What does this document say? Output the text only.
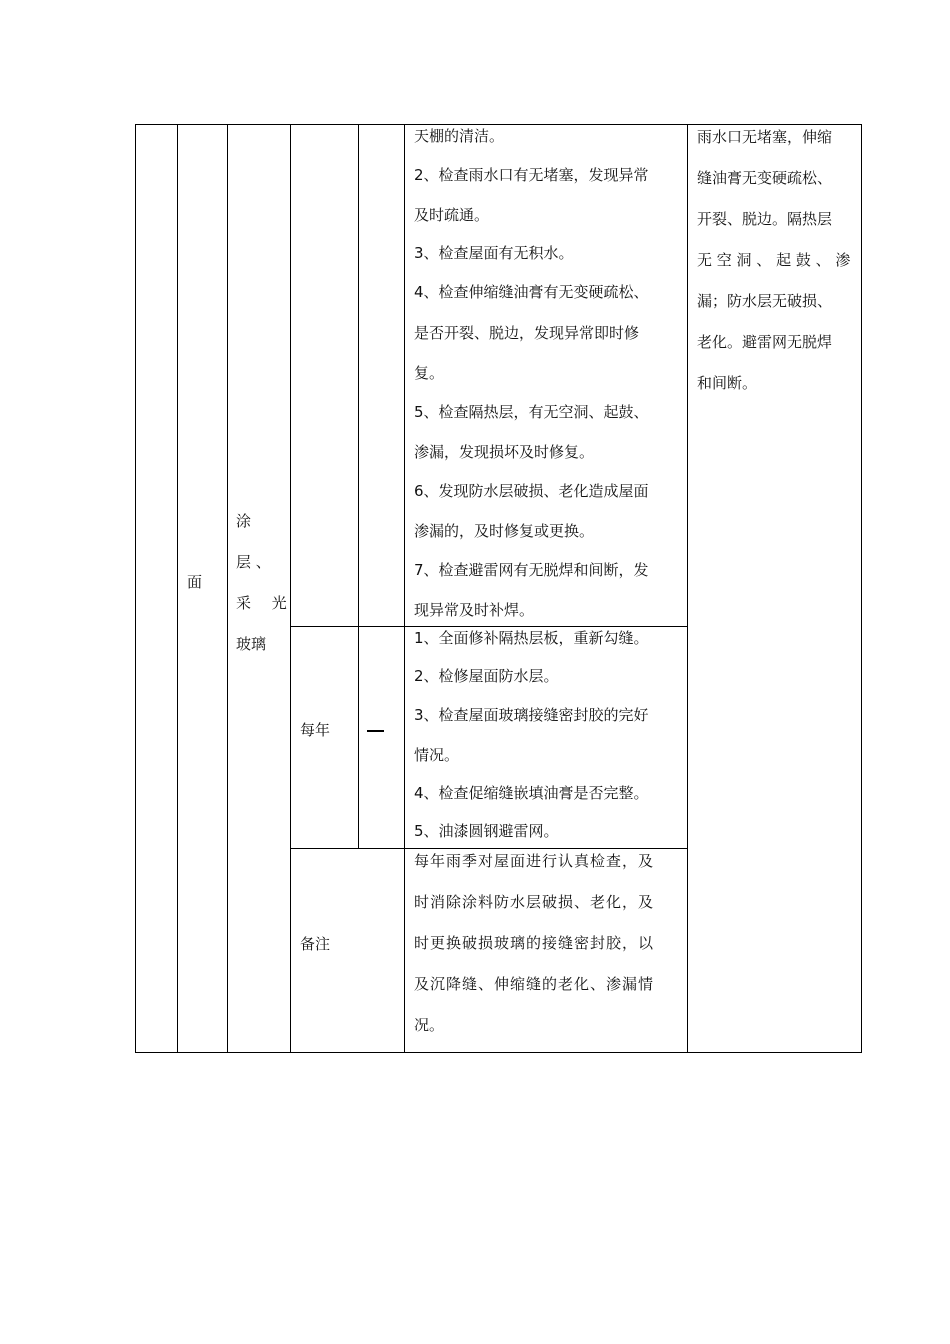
面

涂

层 、

采 光

玻璃

天棚的清洁。

2、检查雨水口有无堵塞，发现异常

及时疏通。

3、检查屋面有无积水。

4、检查伸缩缝油膏有无变硬疏松、

是否开裂、脱边，发现异常即时修

复。

5、检查隔热层，有无空洞、起鼓、

渗漏，发现损坏及时修复。

6、发现防水层破损、老化造成屋面

渗漏的，及时修复或更换。

7、检查避雷网有无脱焊和间断，发

现异常及时补焊。

每年

1、全面修补隔热层板，重新勾缝。

2、检修屋面防水层。

3、检查屋面玻璃接缝密封胶的完好

情况。

4、检查促缩缝嵌填油膏是否完整。

5、油漆圆钢避雷网。

备注

每年雨季对屋面进行认真检查，及

时消除涂料防水层破损、老化，及

时更换破损玻璃的接缝密封胶，以

及沉降缝、伸缩缝的老化、渗漏情

况。

雨水口无堵塞，伸缩

缝油膏无变硬疏松、

开裂、脱边。隔热层

无 空 洞 、 起 鼓 、 渗

漏；防水层无破损、

老化。避雷网无脱焊

和间断。
